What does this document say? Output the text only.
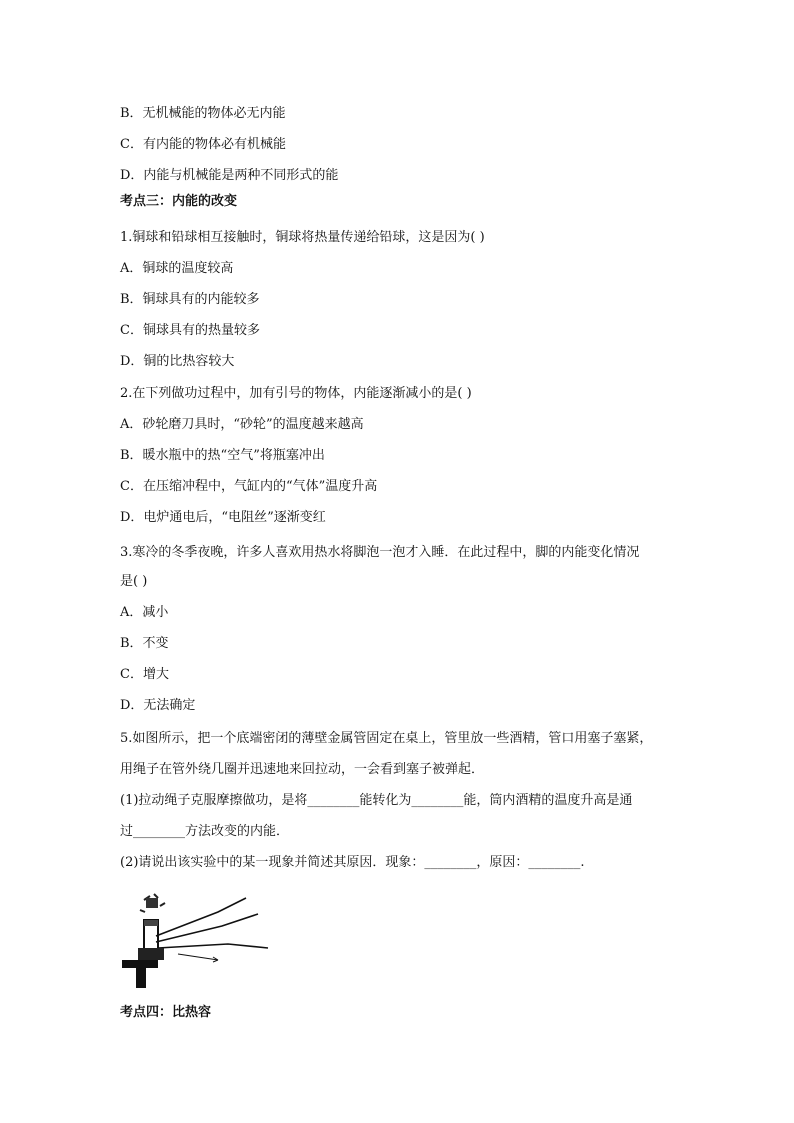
B．无机械能的物体必无内能
C．有内能的物体必有机械能
D．内能与机械能是两种不同形式的能
考点三：内能的改变
1.铜球和铅球相互接触时，铜球将热量传递给铅球，这是因为( )
A．铜球的温度较高
B．铜球具有的内能较多
C．铜球具有的热量较多
D．铜的比热容较大
2.在下列做功过程中，加有引号的物体，内能逐渐减小的是( )
A．砂轮磨刀具时，“砂轮”的温度越来越高
B．暖水瓶中的热“空气”将瓶塞冲出
C．在压缩冲程中，气缸内的“气体”温度升高
D．电炉通电后，“电阻丝”逐渐变红
3.寒冷的冬季夜晚，许多人喜欢用热水将脚泡一泡才入睡．在此过程中，脚的内能变化情况
是( )
A．减小
B．不变
C．增大
D．无法确定
5.如图所示，把一个底端密闭的薄壁金属管固定在桌上，管里放一些酒精，管口用塞子塞紧，
用绳子在管外绕几圈并迅速地来回拉动，一会看到塞子被弹起．
(1)拉动绳子克服摩擦做功，是将________能转化为________能，筒内酒精的温度升高是通
过________方法改变的内能．
(2)请说出该实验中的某一现象并简述其原因．现象：________，原因：________.
考点四：比热容
